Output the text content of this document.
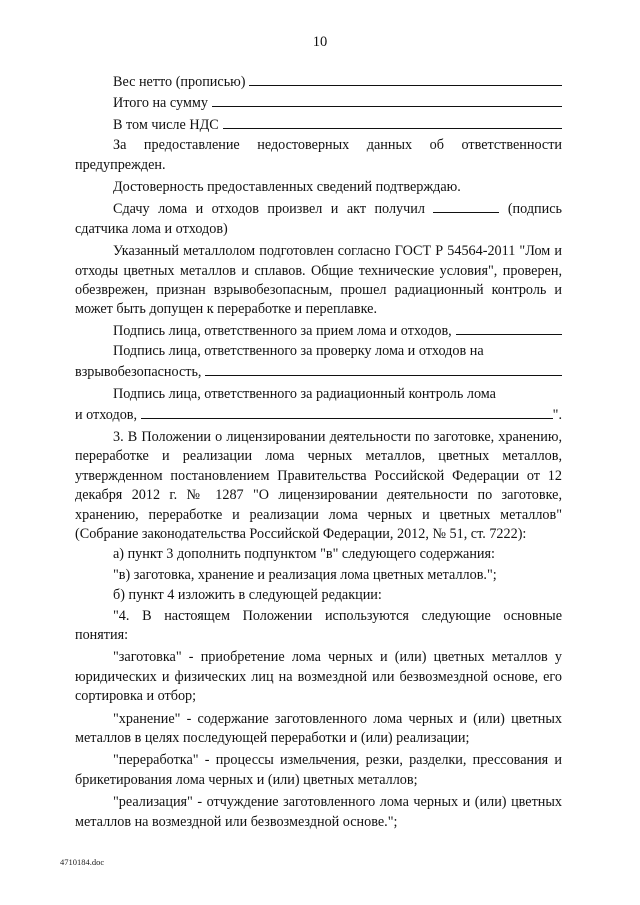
10
Вес нетто (прописью)
Итого на сумму
В том числе НДС

За предоставление недостоверных данных об ответственности предупрежден.

Достоверность предоставленных сведений подтверждаю.

Сдачу лома и отходов произвел и акт получил	(подпись сдатчика лома и отходов)

Указанный металлолом подготовлен согласно ГОСТ Р 54564-2011 "Лом и отходы цветных металлов и сплавов. Общие технические условия", проверен, обезврежен, признан взрывобезопасным, прошел радиационный контроль и может быть допущен к переработке и переплавке.

Подпись лица, ответственного за прием лома и отходов,

Подпись лица, ответственного за проверку лома и отходов на

взрывобезопасность,

Подпись лица, ответственного за радиационный контроль лома

и отходов,	".

3. В Положении о лицензировании деятельности по заготовке, хранению, переработке и реализации лома черных металлов, цветных металлов, утвержденном постановлением Правительства Российской Федерации от 12 декабря 2012 г. № 1287 "О лицензировании деятельности по заготовке, хранению, переработке и реализации лома черных и цветных металлов" (Собрание законодательства Российской Федерации, 2012, № 51, ст. 7222):

а) пункт 3 дополнить подпунктом "в" следующего содержания:

"в) заготовка, хранение и реализация лома цветных металлов.";

б) пункт 4 изложить в следующей редакции:

"4. В настоящем Положении используются следующие основные понятия:

"заготовка" - приобретение лома черных и (или) цветных металлов у юридических и физических лиц на возмездной или безвозмездной основе, его сортировка и отбор;

"хранение" - содержание заготовленного лома черных и (или) цветных металлов в целях последующей переработки и (или) реализации;

"переработка" - процессы измельчения, резки, разделки, прессования и брикетирования лома черных и (или) цветных металлов;

"реализация" - отчуждение заготовленного лома черных и (или) цветных металлов на возмездной или безвозмездной основе.";

4710184.doc
